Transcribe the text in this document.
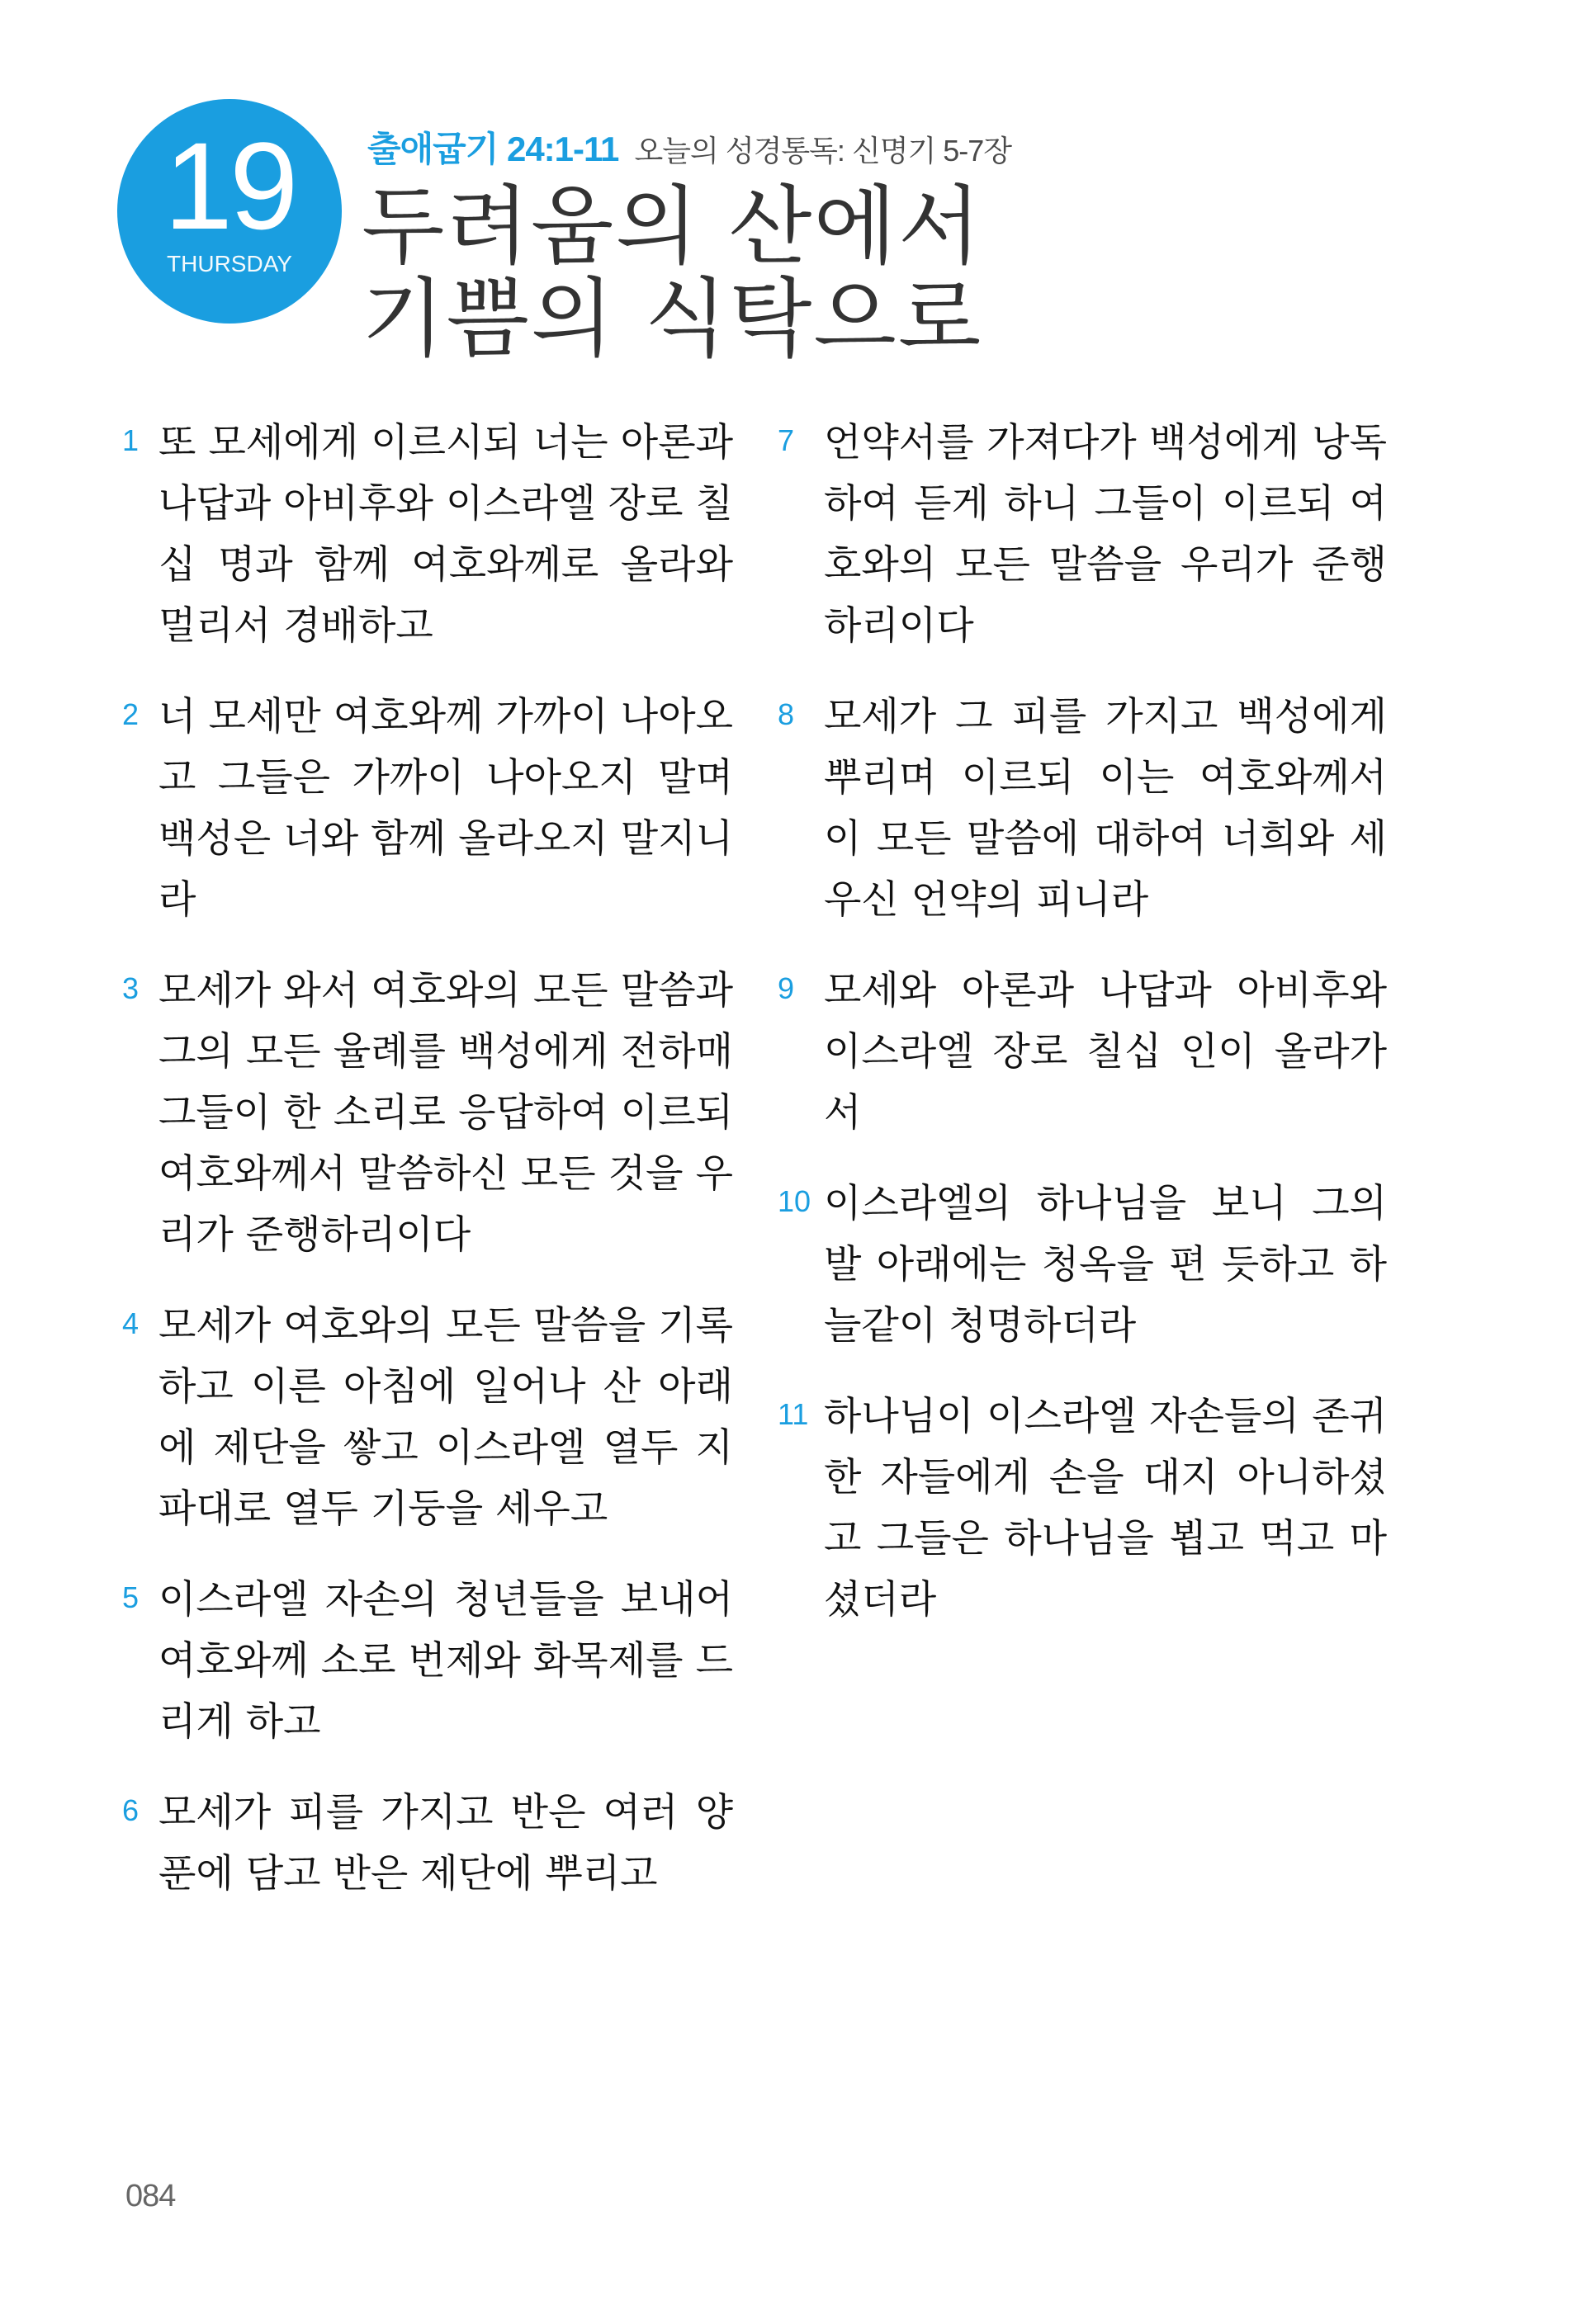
19
THURSDAY
출애굽기 24:1-11 오늘의 성경통독: 신명기 5-7장
두려움의 산에서
기쁨의 식탁으로
1 또 모세에게 이르시되 너는 아론과 나답과 아비후와 이스라엘 장로 칠십 명과 함께 여호와께로 올라와 멀리서 경배하고
2 너 모세만 여호와께 가까이 나아오고 그들은 가까이 나아오지 말며 백성은 너와 함께 올라오지 말지니라
3 모세가 와서 여호와의 모든 말씀과 그의 모든 율례를 백성에게 전하매 그들이 한 소리로 응답하여 이르되 여호와께서 말씀하신 모든 것을 우리가 준행하리이다
4 모세가 여호와의 모든 말씀을 기록하고 이른 아침에 일어나 산 아래에 제단을 쌓고 이스라엘 열두 지파대로 열두 기둥을 세우고
5 이스라엘 자손의 청년들을 보내어 여호와께 소로 번제와 화목제를 드리게 하고
6 모세가 피를 가지고 반은 여러 양푼에 담고 반은 제단에 뿌리고
7 언약서를 가져다가 백성에게 낭독하여 듣게 하니 그들이 이르되 여호와의 모든 말씀을 우리가 준행하리이다
8 모세가 그 피를 가지고 백성에게 뿌리며 이르되 이는 여호와께서 이 모든 말씀에 대하여 너희와 세우신 언약의 피니라
9 모세와 아론과 나답과 아비후와 이스라엘 장로 칠십 인이 올라가서
10 이스라엘의 하나님을 보니 그의 발 아래에는 청옥을 편 듯하고 하늘같이 청명하더라
11 하나님이 이스라엘 자손들의 존귀한 자들에게 손을 대지 아니하셨고 그들은 하나님을 뵙고 먹고 마셨더라
084
